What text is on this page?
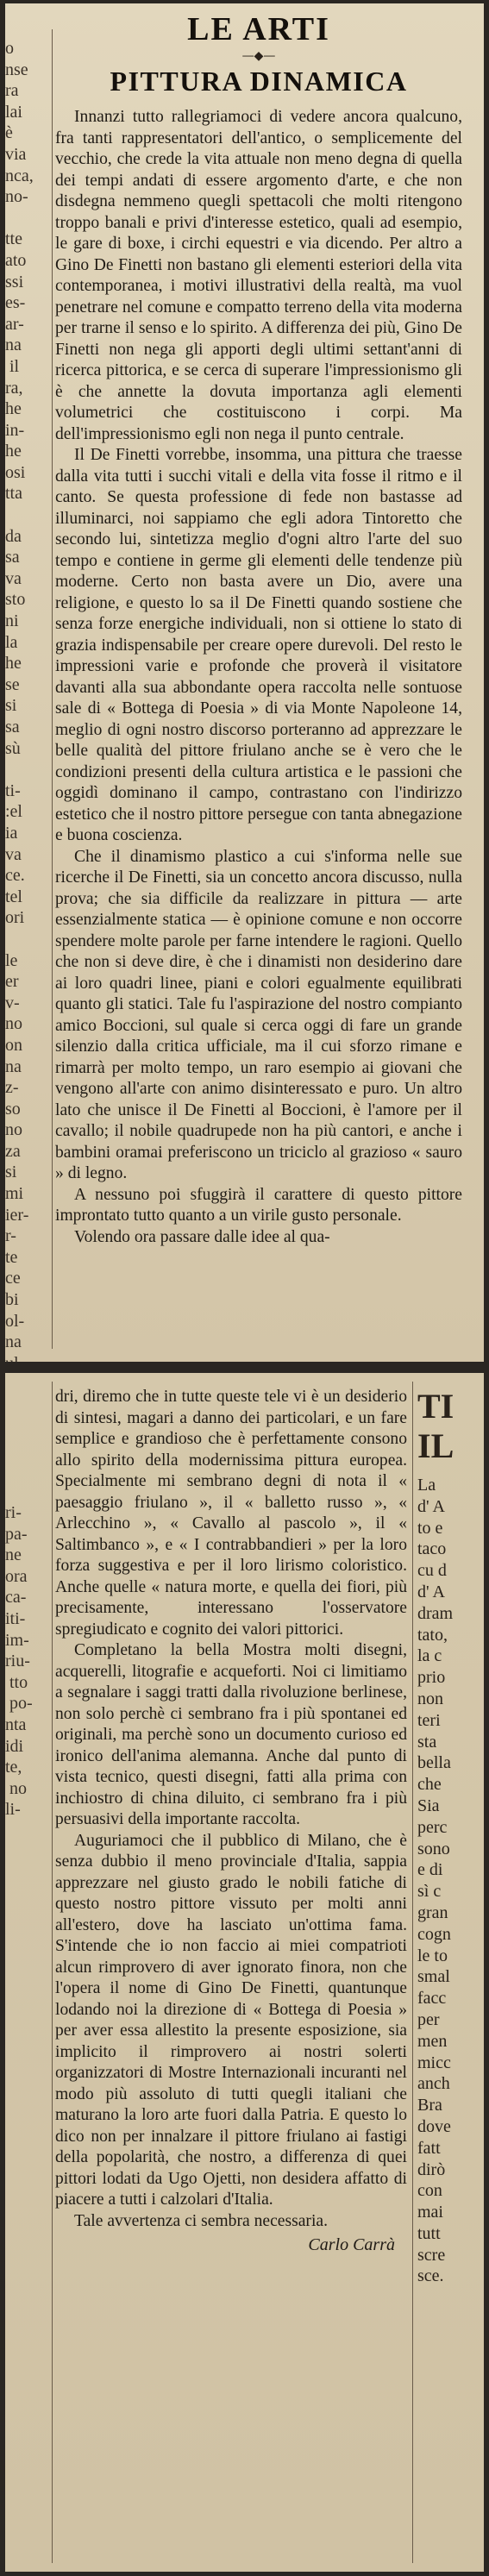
o
nse
ra
lai
è
via
nca,
no-

tte
ato
ssi
es-
ar-
na
il
ra,
he
in-
he
osi
tta

da
sa
va
sto
ni
la
he
se
si
sa
sù

ti-
:el
ia
va
ce.
tel
ori

le
er
v-
no
on
na
z-
so
no
za
si
mi
ier-
r-
te
ce
bi
ol-
na

LE ARTI
—◆—
PITTURA DINAMICA

Innanzi tutto rallegriamoci di vedere ancora qualcuno, fra tanti rappresentatori dell'antico, o semplicemente del vecchio, che crede la vita attuale non meno degna di quella dei tempi andati di essere argomento d'arte, e che non disdegna nemmeno quegli spettacoli che molti ritengono troppo banali e privi d'interesse estetico, quali ad esempio, le gare di boxe, i circhi equestri e via dicendo. Per altro a Gino De Finetti non bastano gli elementi esteriori della vita contemporanea, i motivi illustrativi della realtà, ma vuol penetrare nel comune e compatto terreno della vita moderna per trarne il senso e lo spirito. A differenza dei più, Gino De Finetti non nega gli apporti degli ultimi settant'anni di ricerca pittorica, e se cerca di superare l'impressionismo gli è che annette la dovuta importanza agli elementi volumetrici che costituiscono i corpi. Ma dell'impressionismo egli non nega il punto centrale.

Il De Finetti vorrebbe, insomma, una pittura che traesse dalla vita tutti i succhi vitali e della vita fosse il ritmo e il canto. Se questa professione di fede non bastasse ad illuminarci, noi sappiamo che egli adora Tintoretto che secondo lui, sintetizza meglio d'ogni altro l'arte del suo tempo e contiene in germe gli elementi delle tendenze più moderne. Certo non basta avere un Dio, avere una religione, e questo lo sa il De Finetti quando sostiene che senza forze energiche individuali, non si ottiene lo stato di grazia indispensabile per creare opere durevoli. Del resto le impressioni varie e profonde che proverà il visitatore davanti alla sua abbondante opera raccolta nelle sontuose sale di « Bottega di Poesia » di via Monte Napoleone 14, meglio di ogni nostro discorso porteranno ad apprezzare le belle qualità del pittore friulano anche se è vero che le condizioni presenti della cultura artistica e le passioni che oggidì dominano il campo, contrastano con l'indirizzo estetico che il nostro pittore persegue con tanta abnegazione e buona coscienza.

Che il dinamismo plastico a cui s'informa nelle sue ricerche il De Finetti, sia un concetto ancora discusso, nulla prova; che sia difficile da realizzare in pittura — arte essenzialmente statica — è opinione comune e non occorre spendere molte parole per farne intendere le ragioni. Quello che non si deve dire, è che i dinamisti non desiderino dare ai loro quadri linee, piani e colori egualmente equilibrati quanto gli statici. Tale fu l'aspirazione del nostro compianto amico Boccioni, sul quale si cerca oggi di fare un grande silenzio dalla critica ufficiale, ma il cui sforzo rimane e rimarrà per molto tempo, un raro esempio ai giovani che vengono all'arte con animo disinteressato e puro. Un altro lato che unisce il De Finetti al Boccioni, è l'amore per il cavallo; il nobile quadrupede non ha più cantori, e anche i bambini oramai preferiscono un triciclo al grazioso « sauro » di legno.

A nessuno poi sfuggirà il carattere di questo pittore improntato tutto quanto a un virile gusto personale.

Volendo ora passare dalle idee al qua-

ri-
pa-
ne
ora
ca-
iti-
im-
riu-
tto
po-
nta
idi
te,
no
li-

dri, diremo che in tutte queste tele vi è un desiderio di sintesi, magari a danno dei particolari, e un fare semplice e grandioso che è perfettamente consono allo spirito della modernissima pittura europea. Specialmente mi sembrano degni di nota il « paesaggio friulano », il « balletto russo », « Arlecchino », « Cavallo al pascolo », il « Saltimbanco », e « I contrabbandieri » per la loro forza suggestiva e per il loro lirismo coloristico. Anche quelle « natura morte, e quella dei fiori, più precisamente, interessano l'osservatore spregiudicato e cognito dei valori pittorici.

Completano la bella Mostra molti disegni, acquerelli, litografie e acqueforti. Noi ci limitiamo a segnalare i saggi tratti dalla rivoluzione berlinese, non solo perchè ci sembrano fra i più spontanei ed originali, ma perchè sono un documento curioso ed ironico dell'anima alemanna. Anche dal punto di vista tecnico, questi disegni, fatti alla prima con inchiostro di china diluito, ci sembrano fra i più persuasivi della importante raccolta.

Auguriamoci che il pubblico di Milano, che è senza dubbio il meno provinciale d'Italia, sappia apprezzare nel giusto grado le nobili fatiche di questo nostro pittore vissuto per molti anni all'estero, dove ha lasciato un'ottima fama. S'intende che io non faccio ai miei compatrioti alcun rimprovero di aver ignorato finora, non che l'opera il nome di Gino De Finetti, quantunque lodando noi la direzione di « Bottega di Poesia » per aver essa allestito la presente esposizione, sia implicito il rimprovero ai nostri solerti organizzatori di Mostre Internazionali incuranti nel modo più assoluto di tutti quegli italiani che maturano la loro arte fuori dalla Patria. E questo lo dico non per innalzare il pittore friulano ai fastigi della popolarità, che nostro, a differenza di quei pittori lodati da Ugo Ojetti, non desidera affatto di piacere a tutti i calzolari d'Italia.

Tale avvertenza ci sembra necessaria.

Carlo Carrà
TI
IL
La
d' A
to e
taco
cu d
d' A
dram
tato,
la c
prio
non
teri
sta
bella
che
Sia
perc
sono
e di
sì c
gran
cogn
le to
smal
facc
per
men
micc
anch
Bra
dove
fatt
dirò
con
mai
tutt
scre
sce.
